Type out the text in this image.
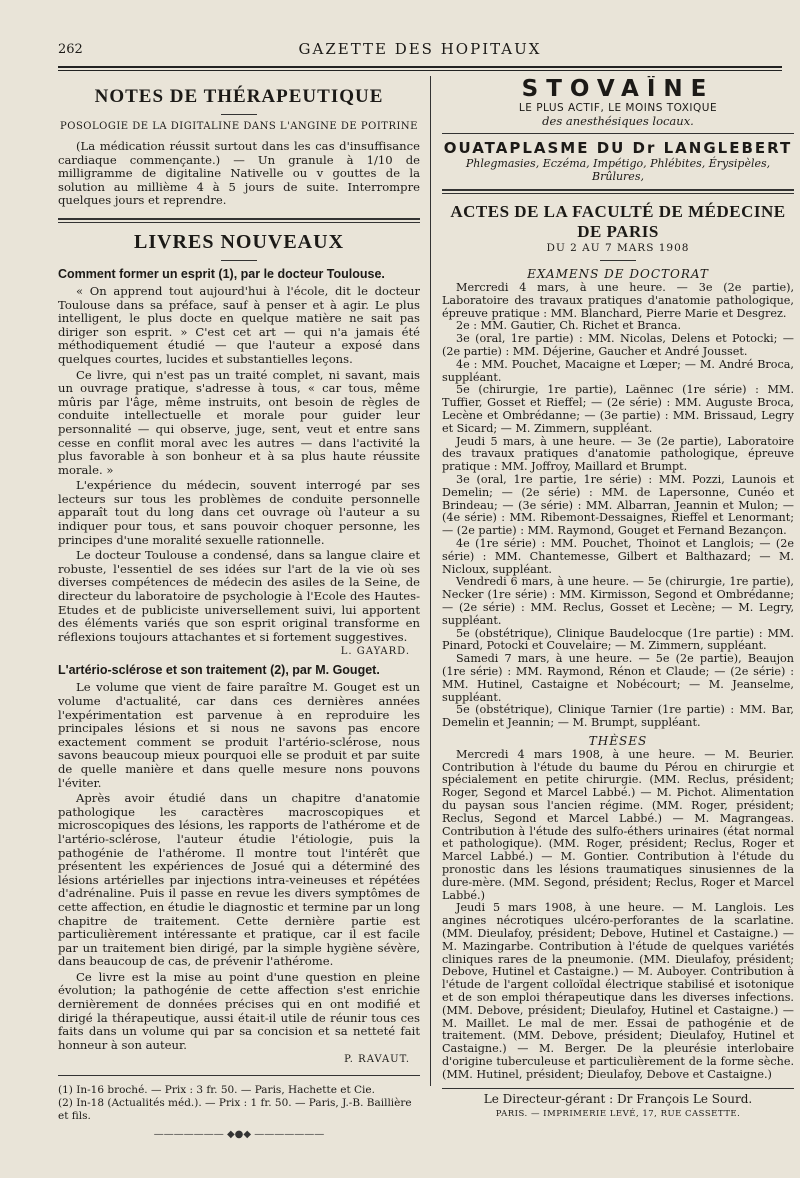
262	GAZETTE DES HOPITAUX
NOTES DE THÉRAPEUTIQUE
POSOLOGIE DE LA DIGITALINE DANS L'ANGINE DE POITRINE

(La médication réussit surtout dans les cas d'insuffisance cardiaque commençante.) — Un granule à 1/10 de milligramme de digitaline Nativelle ou v gouttes de la solution au millième 4 à 5 jours de suite. Interrompre quelques jours et reprendre.

LIVRES NOUVEAUX
Comment former un esprit (1), par le docteur Toulouse.

« On apprend tout aujourd'hui à l'école, dit le docteur Toulouse dans sa préface, sauf à penser et à agir. Le plus intelligent, le plus docte en quelque matière ne sait pas diriger son esprit. » C'est cet art — qui n'a jamais été méthodiquement étudié — que l'auteur a exposé dans quelques courtes, lucides et substantielles leçons.

Ce livre, qui n'est pas un traité complet, ni savant, mais un ouvrage pratique, s'adresse à tous, « car tous, même mûris par l'âge, même instruits, ont besoin de règles de conduite intellectuelle et morale pour guider leur personnalité — qui observe, juge, sent, veut et entre sans cesse en conflit moral avec les autres — dans l'activité la plus favorable à son bonheur et à sa plus haute réussite morale. »

L'expérience du médecin, souvent interrogé par ses lecteurs sur tous les problèmes de conduite personnelle apparaît tout du long dans cet ouvrage où l'auteur a su indiquer pour tous, et sans pouvoir choquer personne, les principes d'une moralité sexuelle rationnelle.

Le docteur Toulouse a condensé, dans sa langue claire et robuste, l'essentiel de ses idées sur l'art de la vie où ses diverses compétences de médecin des asiles de la Seine, de directeur du laboratoire de psychologie à l'Ecole des Hautes-Etudes et de publiciste universellement suivi, lui apportent des éléments variés que son esprit original transforme en réflexions toujours attachantes et si fortement suggestives.

L. GAYARD.
L'artério-sclérose et son traitement (2), par M. Gouget.

Le volume que vient de faire paraître M. Gouget est un volume d'actualité, car dans ces dernières années l'expérimentation est parvenue à en reproduire les principales lésions et si nous ne savons pas encore exactement comment se produit l'artério-sclérose, nous savons beaucoup mieux pourquoi elle se produit et par suite de quelle manière et dans quelle mesure nons pouvons l'éviter.

Après avoir étudié dans un chapitre d'anatomie pathologique les caractères macroscopiques et microscopiques des lésions, les rapports de l'athérome et de l'artério-sclérose, l'auteur étudie l'étiologie, puis la pathogénie de l'athérome. Il montre tout l'intérêt que présentent les expériences de Josué qui a déterminé des lésions artérielles par injections intra-veineuses et répétées d'adrénaline. Puis il passe en revue les divers symptômes de cette affection, en étudie le diagnostic et termine par un long chapitre de traitement. Cette dernière partie est particulièrement intéressante et pratique, car il est facile par un traitement bien dirigé, par la simple hygiène sévère, dans beaucoup de cas, de prévenir l'athérome.

Ce livre est la mise au point d'une question en pleine évolution; la pathogénie de cette affection s'est enrichie dernièrement de données précises qui en ont modifié et dirigé la thérapeutique, aussi était-il utile de réunir tous ces faits dans un volume qui par sa concision et sa netteté fait honneur à son auteur.

P. RAVAUT.

(1) In-16 broché. — Prix : 3 fr. 50. — Paris, Hachette et Cie.

(2) In-18 (Actualités méd.). — Prix : 1 fr. 50. — Paris, J.-B. Baillière et fils.

——————— ◆●◆ ———————
STOVAÏNE
LE PLUS ACTIF, LE MOINS TOXIQUE
des anesthésiques locaux.
OUATAPLASME DU Dr LANGLEBERT
Phlegmasies, Eczéma, Impétigo, Phlébites, Érysipèles, Brûlures,
ACTES DE LA FACULTÉ DE MÉDECINE DE PARIS
DU 2 AU 7 MARS 1908
EXAMENS DE DOCTORAT

Mercredi 4 mars, à une heure. — 3e (2e partie), Laboratoire des travaux pratiques d'anatomie pathologique, épreuve pratique : MM. Blanchard, Pierre Marie et Desgrez.

2e : MM. Gautier, Ch. Richet et Branca.

3e (oral, 1re partie) : MM. Nicolas, Delens et Potocki; — (2e partie) : MM. Déjerine, Gaucher et André Jousset.

4e : MM. Pouchet, Macaigne et Lœper; — M. André Broca, suppléant.

5e (chirurgie, 1re partie), Laënnec (1re série) : MM. Tuffier, Gosset et Rieffel; — (2e série) : MM. Auguste Broca, Lecène et Ombrédanne; — (3e partie) : MM. Brissaud, Legry et Sicard; — M. Zimmern, suppléant.

Jeudi 5 mars, à une heure. — 3e (2e partie), Laboratoire des travaux pratiques d'anatomie pathologique, épreuve pratique : MM. Joffroy, Maillard et Brumpt.

3e (oral, 1re partie, 1re série) : MM. Pozzi, Launois et Demelin; — (2e série) : MM. de Lapersonne, Cunéo et Brindeau; — (3e série) : MM. Albarran, Jeannin et Mulon; — (4e série) : MM. Ribemont-Dessaignes, Rieffel et Lenormant; — (2e partie) : MM. Raymond, Gouget et Fernand Bezançon.

4e (1re série) : MM. Pouchet, Thoinot et Langlois; — (2e série) : MM. Chantemesse, Gilbert et Balthazard; — M. Nicloux, suppléant.

Vendredi 6 mars, à une heure. — 5e (chirurgie, 1re partie), Necker (1re série) : MM. Kirmisson, Segond et Ombrédanne; — (2e série) : MM. Reclus, Gosset et Lecène; — M. Legry, suppléant.

5e (obstétrique), Clinique Baudelocque (1re partie) : MM. Pinard, Potocki et Couvelaire; — M. Zimmern, suppléant.

Samedi 7 mars, à une heure. — 5e (2e partie), Beaujon (1re série) : MM. Raymond, Rénon et Claude; — (2e série) : MM. Hutinel, Castaigne et Nobécourt; — M. Jeanselme, suppléant.

5e (obstétrique), Clinique Tarnier (1re partie) : MM. Bar, Demelin et Jeannin; — M. Brumpt, suppléant.

THÈSES

Mercredi 4 mars 1908, à une heure. — M. Beurier. Contribution à l'étude du baume du Pérou en chirurgie et spécialement en petite chirurgie. (MM. Reclus, président; Roger, Segond et Marcel Labbé.) — M. Pichot. Alimentation du paysan sous l'ancien régime. (MM. Roger, président; Reclus, Segond et Marcel Labbé.) — M. Magrangeas. Contribution à l'étude des sulfo-éthers urinaires (état normal et pathologique). (MM. Roger, président; Reclus, Roger et Marcel Labbé.) — M. Gontier. Contribution à l'étude du pronostic dans les lésions traumatiques sinusiennes de la dure-mère. (MM. Segond, président; Reclus, Roger et Marcel Labbé.)

Jeudi 5 mars 1908, à une heure. — M. Langlois. Les angines nécrotiques ulcéro-perforantes de la scarlatine. (MM. Dieulafoy, président; Debove, Hutinel et Castaigne.) — M. Mazingarbe. Contribution à l'étude de quelques variétés cliniques rares de la pneumonie. (MM. Dieulafoy, président; Debove, Hutinel et Castaigne.) — M. Auboyer. Contribution à l'étude de l'argent colloïdal électrique stabilisé et isotonique et de son emploi thérapeutique dans les diverses infections. (MM. Debove, président; Dieulafoy, Hutinel et Castaigne.) — M. Maillet. Le mal de mer. Essai de pathogénie et de traitement. (MM. Debove, président; Dieulafoy, Hutinel et Castaigne.) — M. Berger. De la pleurésie interlobaire d'origine tuberculeuse et particulièrement de la forme sèche. (MM. Hutinel, président; Dieulafoy, Debove et Castaigne.)

Le Directeur-gérant : Dr François Le Sourd.
PARIS. — IMPRIMERIE LEVÉ, 17, RUE CASSETTE.
